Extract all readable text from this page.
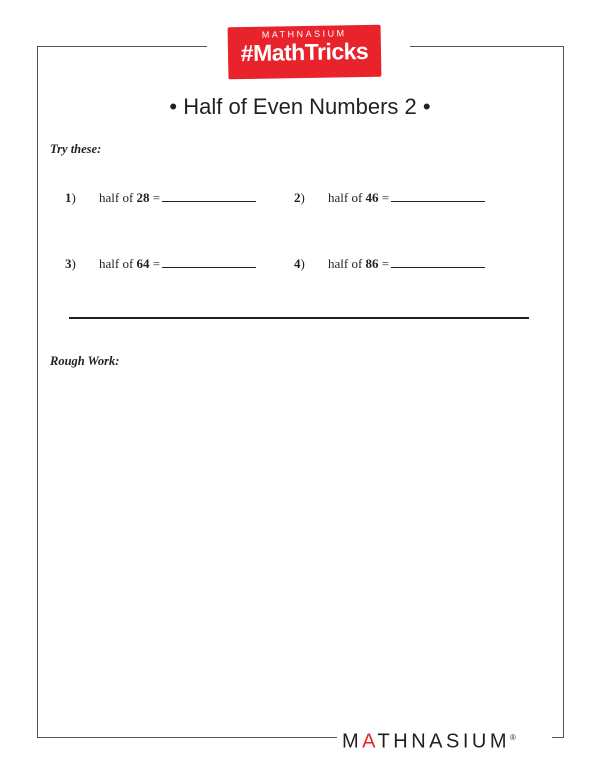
MATHNASIUM
#MathTricks
• Half of Even Numbers 2 •
Try these:
1) half of 28 =	2) half of 46 =
3) half of 64 =	4) half of 86 =
Rough Work:
MATHNASIUM®
